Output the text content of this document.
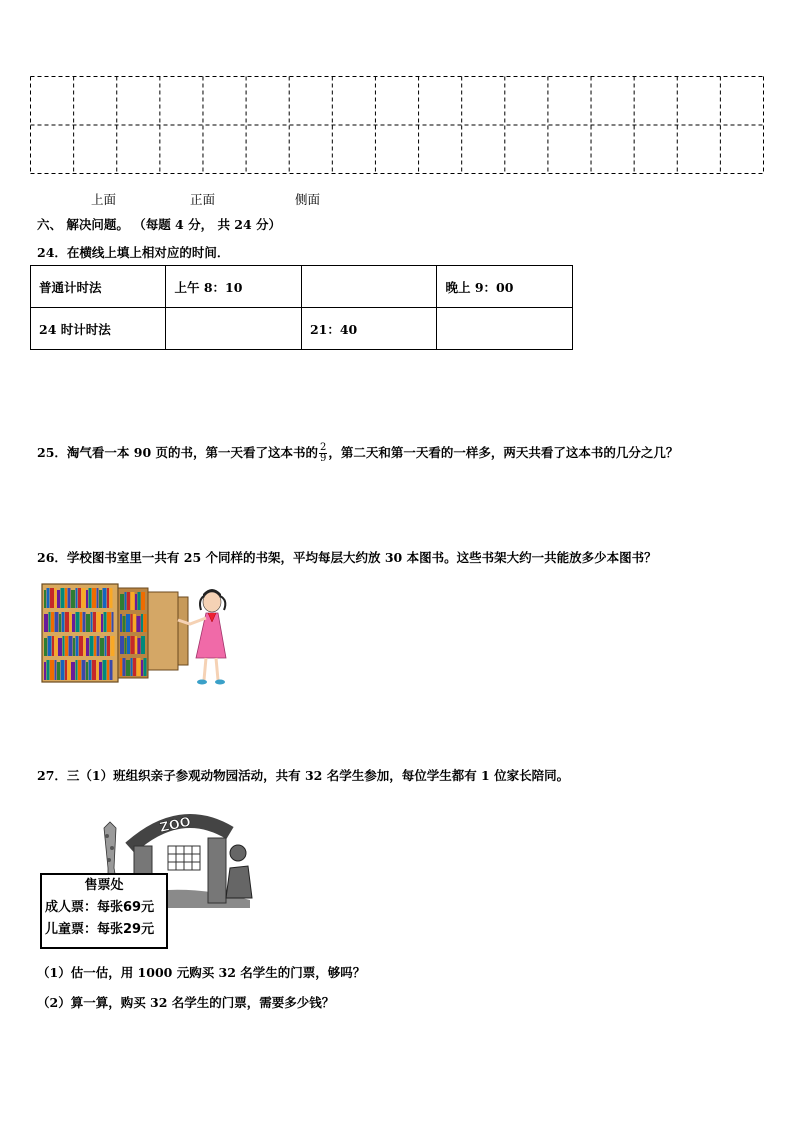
上面	正面	侧面
六、 解决问题。 （每题 4 分， 共 24 分）
24．在横线上填上相对应的时间．
普通计时法	上午 8：10		晚上 9：00
24 时计时法		21：40	
25．淘气看一本 90 页的书，第一天看了这本书的 $\frac{2}{9}$ ，第二天和第一天看的一样多，两天共看了这本书的几分之几？
26．学校图书室里一共有 25 个同样的书架，平均每层大约放 30 本图书。这些书架大约一共能放多少本图书？
27．三（1）班组织亲子参观动物园活动，共有 32 名学生参加，每位学生都有 1 位家长陪同。
ZOO
售票处
成人票：每张69元
儿童票：每张29元
（1）估一估，用 1000 元购买 32 名学生的门票，够吗？
（2）算一算，购买 32 名学生的门票，需要多少钱？
